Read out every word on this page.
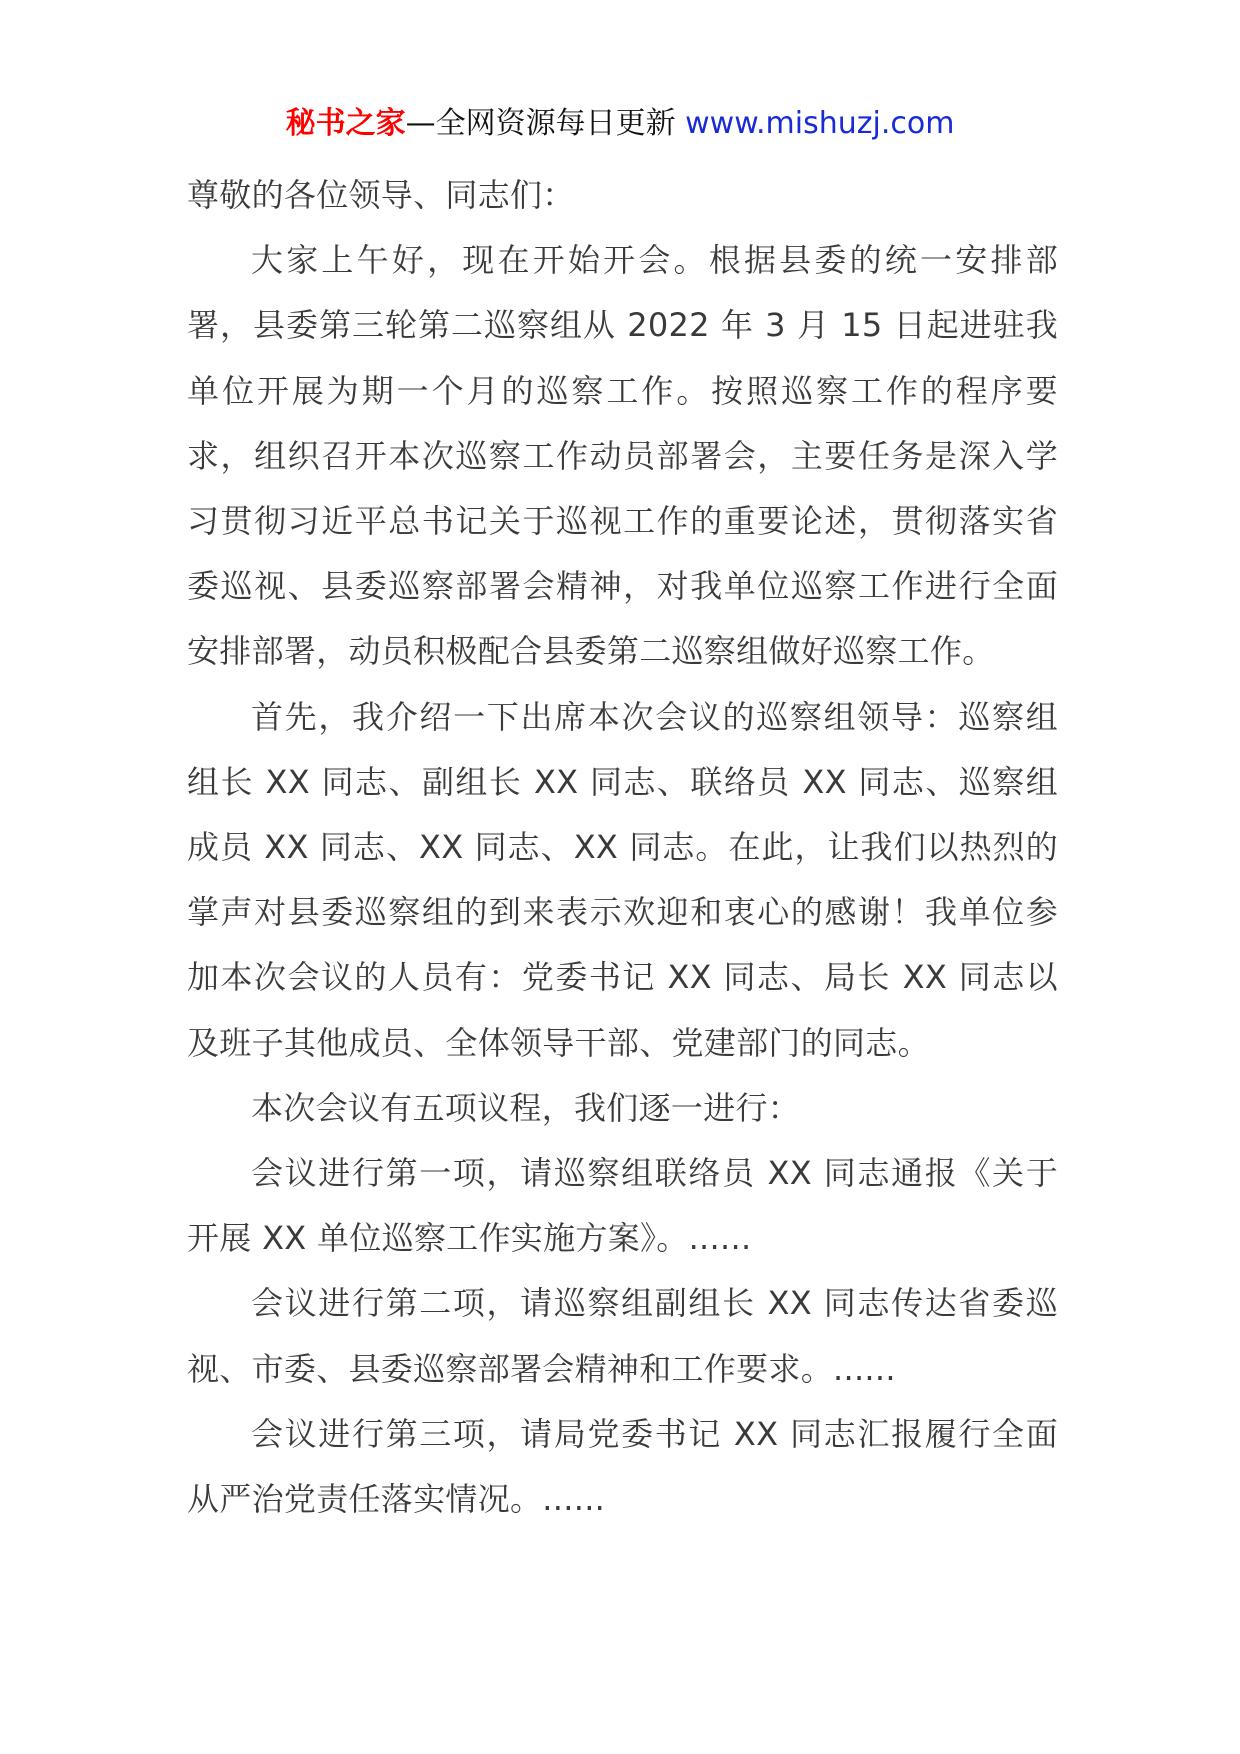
秘书之家—全网资源每日更新 www.mishuzj.com

尊敬的各位领导、同志们：

大家上午好，现在开始开会。根据县委的统一安排部署，县委第三轮第二巡察组从 2022 年 3 月 15 日起进驻我单位开展为期一个月的巡察工作。按照巡察工作的程序要求，组织召开本次巡察工作动员部署会，主要任务是深入学习贯彻习近平总书记关于巡视工作的重要论述，贯彻落实省委巡视、县委巡察部署会精神，对我单位巡察工作进行全面安排部署，动员积极配合县委第二巡察组做好巡察工作。

首先，我介绍一下出席本次会议的巡察组领导：巡察组组长 XX 同志、副组长 XX 同志、联络员 XX 同志、巡察组成员 XX 同志、XX 同志、XX 同志。在此，让我们以热烈的掌声对县委巡察组的到来表示欢迎和衷心的感谢！我单位参加本次会议的人员有：党委书记 XX 同志、局长 XX 同志以及班子其他成员、全体领导干部、党建部门的同志。

本次会议有五项议程，我们逐一进行：

会议进行第一项，请巡察组联络员 XX 同志通报《关于开展 XX 单位巡察工作实施方案》。......

会议进行第二项，请巡察组副组长 XX 同志传达省委巡视、市委、县委巡察部署会精神和工作要求。......

会议进行第三项，请局党委书记 XX 同志汇报履行全面从严治党责任落实情况。......
